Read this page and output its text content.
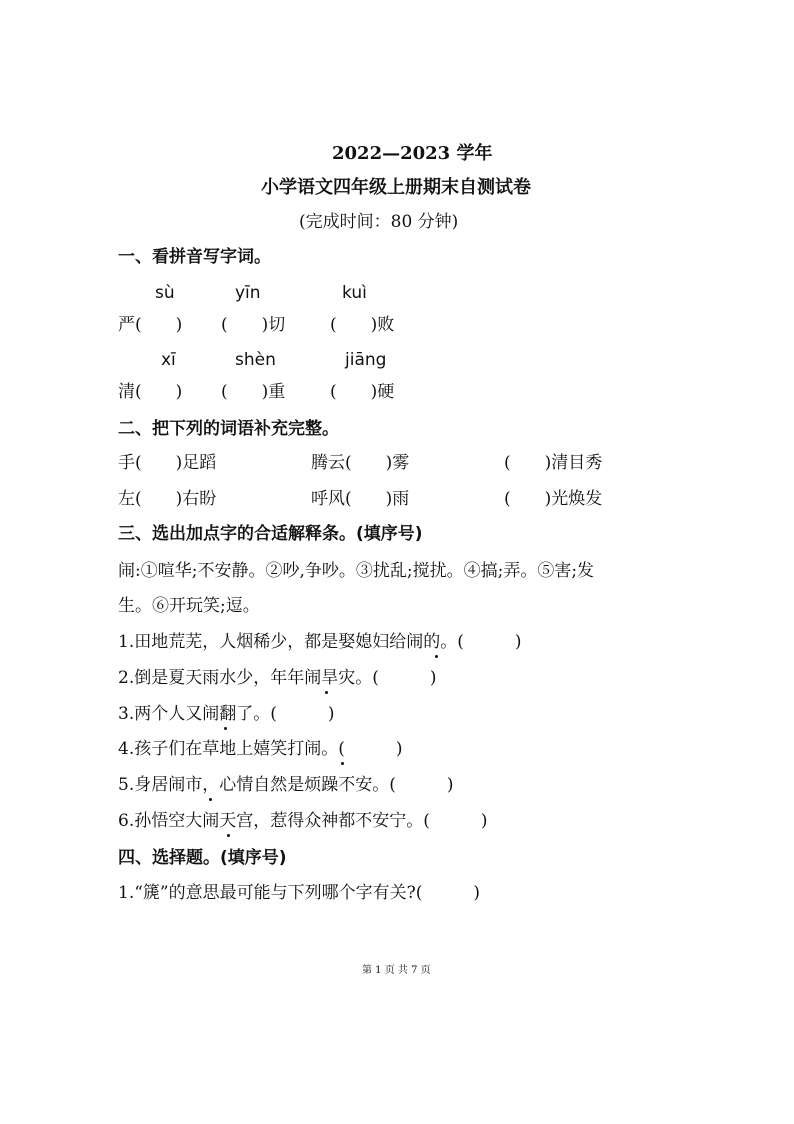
2022—2023 学年
小学语文四年级上册期末自测试卷
(完成时间：80 分钟)
一、看拼音写字词。
sù	yīn	kuì
严(　　) (　　)切	(　　)败
xī	shèn	jiāng
清(　　) (　　)重	(　　)硬
二、把下列的词语补充完整。
手(　　)足蹈	腾云(　　)雾	(　　)清目秀
左(　　)右盼	呼风(　　)雨	(　　)光焕发
三、选出加点字的合适解释条。(填序号)
闹:①喧华;不安静。②吵,争吵。③扰乱;搅扰。④搞;弄。⑤害;发
生。⑥开玩笑;逗。
1.田地荒芜，人烟稀少，都是娶媳妇给闹的。(　　　)
2.倒是夏天雨水少，年年闹旱灾。(　　　)
3.两个人又闹翻了。(　　　)
4.孩子们在草地上嬉笑打闹。(　　　)
5.身居闹市，心情自然是烦躁不安。(　　　)
6.孙悟空大闹天宫，惹得众神都不安宁。(　　　)
四、选择题。(填序号)
1.“篪”的意思最可能与下列哪个字有关?(　　　)
第 1 页 共 7 页
